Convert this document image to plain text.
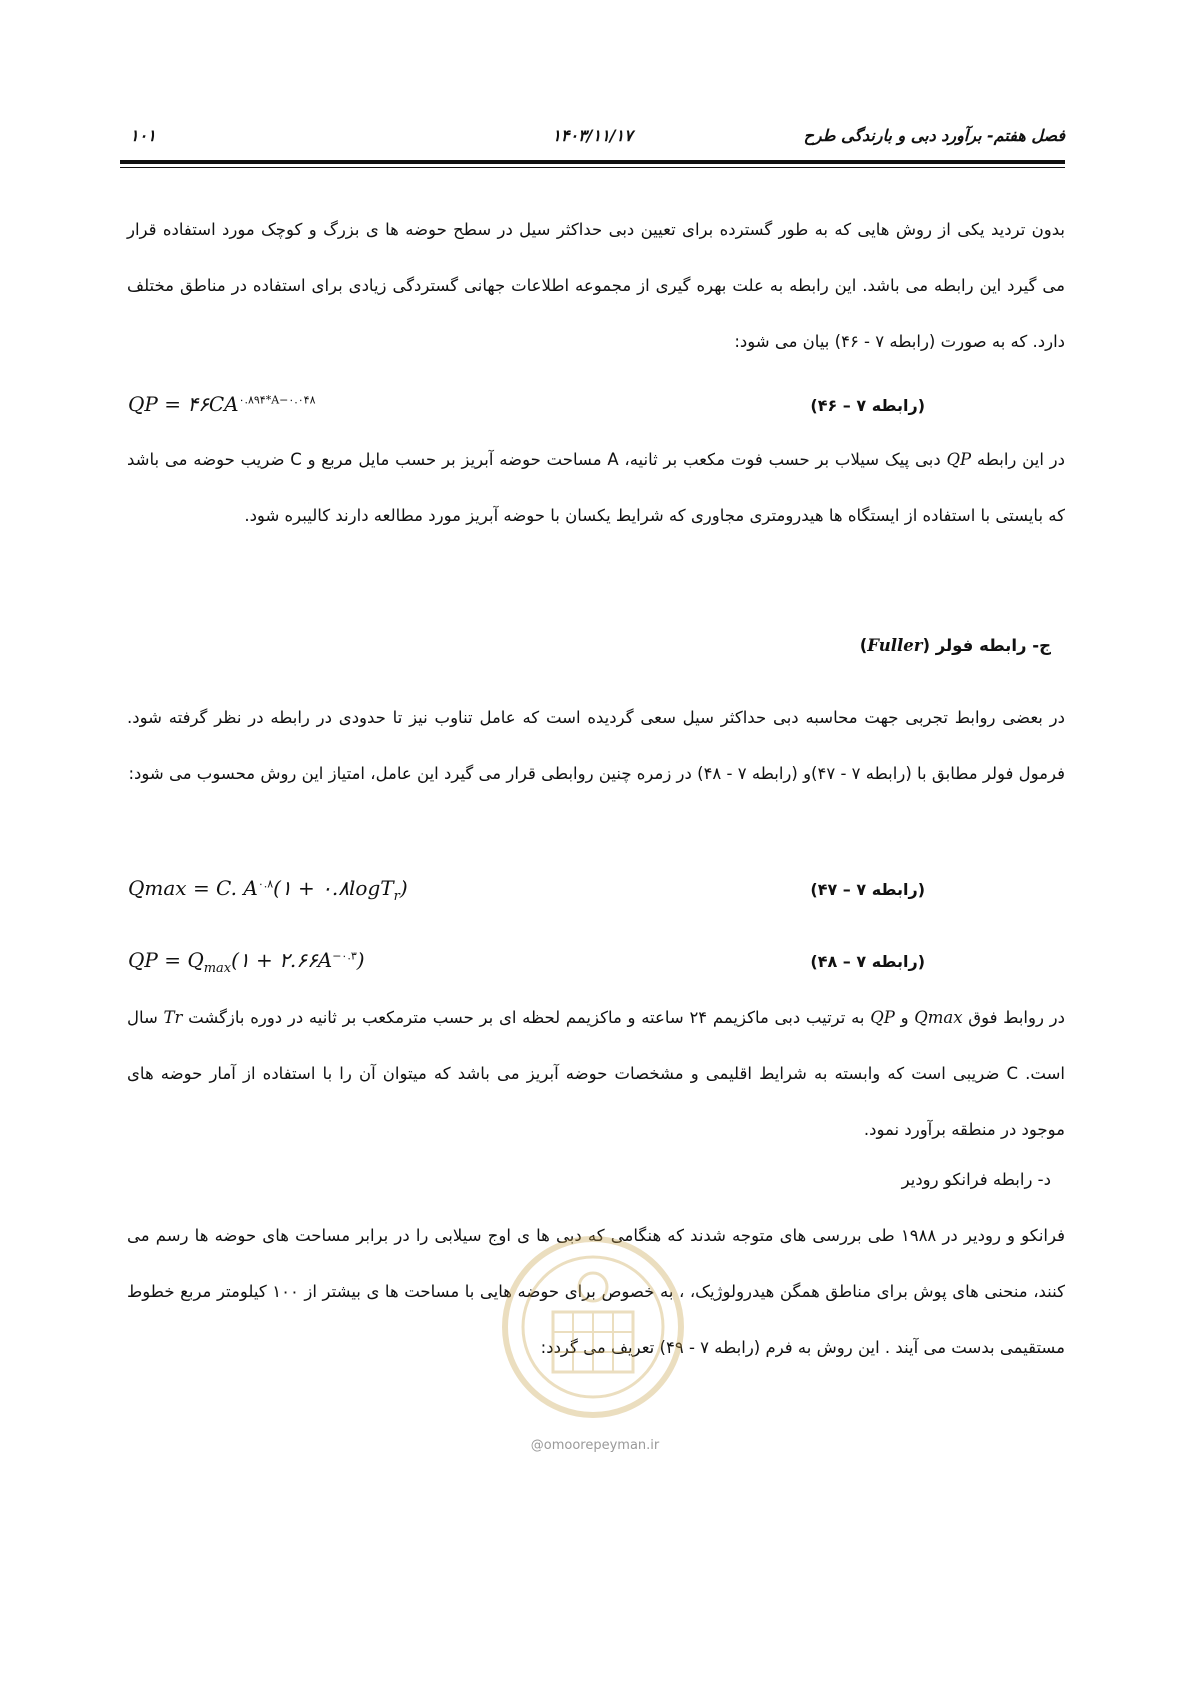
فصل هفتم- برآورد دبی و بارندگی طرح
۱۴۰۳/۱۱/۱۷
۱۰۱

بدون تردید یکی از روش هایی که به طور گسترده برای تعیین دبی حداکثر سیل در سطح حوضه ها ی بزرگ و کوچک مورد استفاده قرار می گیرد این رابطه می باشد. این رابطه به علت بهره گیری از مجموعه اطلاعات جهانی گستردگی زیادی برای استفاده در مناطق مختلف دارد. که به صورت (رابطه ۷ - ۴۶) بیان می شود:

QP = $۴۶CA^{۰.۸۹۴*A-۰.۰۴۸}$	(رابطه ۷ – ۴۶)

در این رابطه QP دبی پیک سیلاب بر حسب فوت مکعب بر ثانیه، A مساحت حوضه آبریز بر حسب مایل مربع و C ضریب حوضه می باشد که بایستی با استفاده از ایستگاه ها هیدرومتری مجاوری که شرایط یکسان با حوضه آبریز مورد مطالعه دارند کالیبره شود.

ج- رابطه فولر (Fuller)

در بعضی روابط تجربی جهت محاسبه دبی حداکثر سیل سعی گردیده است که عامل تناوب نیز تا حدودی در رابطه در نظر گرفته شود. فرمول فولر مطابق با (رابطه ۷ - ۴۷)و (رابطه ۷ - ۴۸) در زمره چنین روابطی قرار می گیرد این عامل، امتیاز این روش محسوب می شود:

Qmax = C. $A^{۰.۸}(۱$ + ۰.۸logT$_r$)	(رابطه ۷ – ۴۷)
QP = $Q_{max}(۱$ + $۲.۶۶A^{-۰.۳}$)	(رابطه ۷ – ۴۸)

در روابط فوق Qmax و QP به ترتیب دبی ماکزیمم ۲۴ ساعته و ماکزیمم لحظه ای بر حسب مترمکعب بر ثانیه در دوره بازگشت Tr سال است. C ضریبی است که وابسته به شرایط اقلیمی و مشخصات حوضه آبریز می باشد که میتوان آن را با استفاده از آمار حوضه های موجود در منطقه برآورد نمود.

د- رابطه فرانکو رودیر

فرانکو و رودیر در ۱۹۸۸ طی بررسی های متوجه شدند که هنگامی که دبی ها ی اوج سیلابی را در برابر مساحت های حوضه ها رسم می کنند، منحنی های پوش برای مناطق همگن هیدرولوژیک، ، به خصوص برای حوضه هایی با مساحت ها ی بیشتر از ۱۰۰ کیلومتر مربع خطوط مستقیمی بدست می آیند . این روش به فرم (رابطه ۷ - ۴۹) تعریف می گردد:

@omoorepeyman.ir
